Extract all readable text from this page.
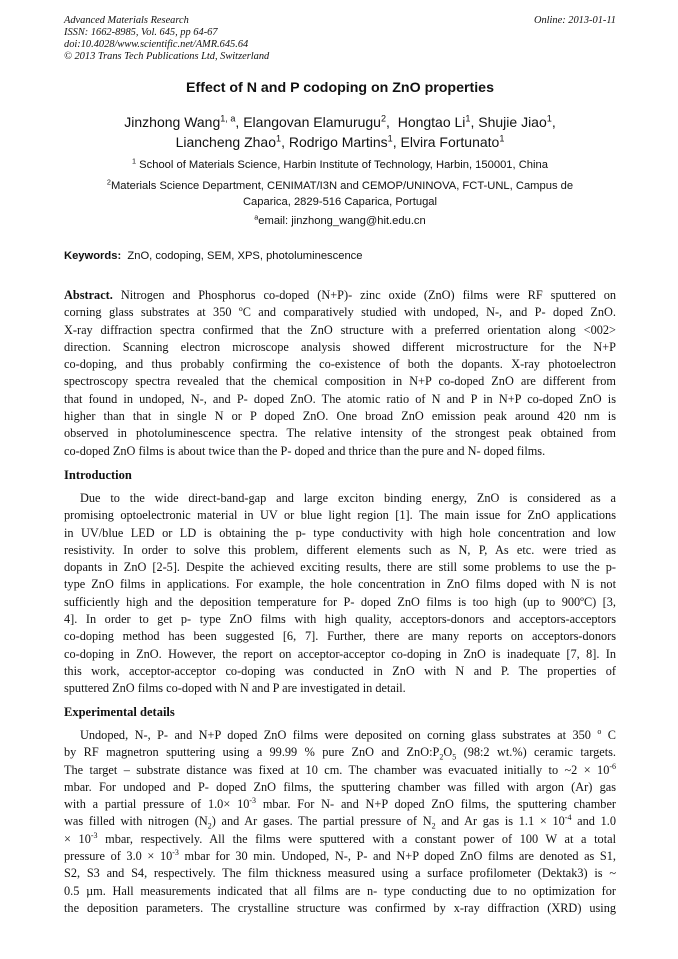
Advanced Materials Research
ISSN: 1662-8985, Vol. 645, pp 64-67
doi:10.4028/www.scientific.net/AMR.645.64
© 2013 Trans Tech Publications Ltd, Switzerland
Online: 2013-01-11
Effect of N and P codoping on ZnO properties
Jinzhong Wang$^{1, a}$, Elangovan Elamurugu$^2$,  Hongtao Li$^1$, Shujie Jiao$^1$,
Liancheng Zhao$^1$, Rodrigo Martins$^1$, Elvira Fortunato$^1$
$^1$ School of Materials Science, Harbin Institute of Technology, Harbin, 150001, China
$^2$Materials Science Department, CENIMAT/I3N and CEMOP/UNINOVA, FCT-UNL, Campus de
Caparica, 2829-516 Caparica, Portugal
$^a$email: jinzhong_wang@hit.edu.cn
Keywords: ZnO, codoping, SEM, XPS, photoluminescence
Abstract. Nitrogen and Phosphorus co-doped (N+P)- zinc oxide (ZnO) films were RF sputtered on
corning glass substrates at 350 ºC and comparatively studied with undoped, N-, and P- doped ZnO.
X-ray diffraction spectra confirmed that the ZnO structure with a preferred orientation along <002>
direction. Scanning electron microscope analysis showed different microstructure for the N+P
co-doping, and thus probably confirming the co-existence of both the dopants. X-ray photoelectron
spectroscopy spectra revealed that the chemical composition in N+P co-doped ZnO are different from
that found in undoped, N-, and P- doped ZnO. The atomic ratio of N and P in N+P co-doped ZnO is
higher than that in single N or P doped ZnO. One broad ZnO emission peak around 420 nm is
observed in photoluminescence spectra. The relative intensity of the strongest peak obtained from
co-doped ZnO films is about twice than the P- doped and thrice than the pure and N- doped films.
Introduction
Due to the wide direct-band-gap and large exciton binding energy, ZnO is considered as a
promising optoelectronic material in UV or blue light region [1]. The main issue for ZnO applications
in UV/blue LED or LD is obtaining the p- type conductivity with high hole concentration and low
resistivity. In order to solve this problem, different elements such as N, P, As etc. were tried as
dopants in ZnO [2-5]. Despite the achieved exciting results, there are still some problems to use the p-
type ZnO films in applications. For example, the hole concentration in ZnO films doped with N is not
sufficiently high and the deposition temperature for P- doped ZnO films is too high (up to 900ºC) [3,
4]. In order to get p- type ZnO films with high quality, acceptors-donors and acceptors-acceptors
co-doping method has been suggested [6, 7]. Further, there are many reports on acceptors-donors
co-doping in ZnO. However, the report on acceptor-acceptor co-doping in ZnO is inadequate [7, 8]. In
this work, acceptor-acceptor co-doping was conducted in ZnO with N and P. The properties of
sputtered ZnO films co-doped with N and P are investigated in detail.
Experimental details
Undoped, N-, P- and N+P doped ZnO films were deposited on corning glass substrates at 350 $^o$ C
by RF magnetron sputtering using a 99.99 % pure ZnO and $ZnO:P_2O_5$ (98:2 wt.%) ceramic targets.
The target – substrate distance was fixed at 10 cm. The chamber was evacuated initially to ~2 × $10^{-6}$
mbar. For undoped and P- doped ZnO films, the sputtering chamber was filled with argon (Ar) gas
with a partial pressure of $1.0\times 10^{-3}$ mbar. For N- and N+P doped ZnO films, the sputtering chamber
was filled with nitrogen $(N_2)$ and Ar gases. The partial pressure of $N_2$ and Ar gas is $1.1 \times 10^{-4}$ and 1.0
× $10^{-3}$ mbar, respectively. All the films were sputtered with a constant power of 100 W at a total
pressure of $3.0 \times 10^{-3}$ mbar for 30 min. Undoped, N-, P- and N+P doped ZnO films are denoted as S1,
S2, S3 and S4, respectively. The film thickness measured using a surface profilometer (Dektak3) is ~
0.5 µm. Hall measurements indicated that all films are n- type conducting due to no optimization for
the deposition parameters. The crystalline structure was confirmed by x-ray diffraction (XRD) using
